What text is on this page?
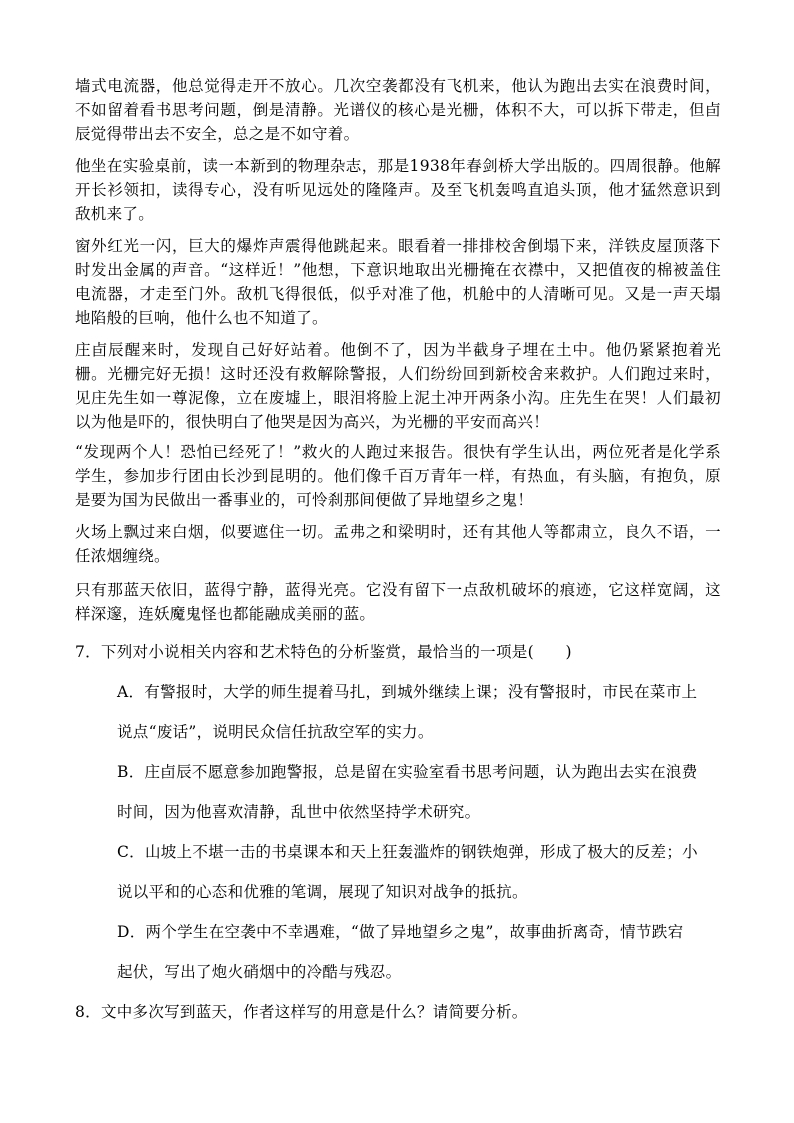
墙式电流器，他总觉得走开不放心。几次空袭都没有飞机来，他认为跑出去实在浪费时间，不如留着看书思考问题，倒是清静。光谱仪的核心是光栅，体积不大，可以拆下带走，但卣辰觉得带出去不安全，总之是不如守着。

他坐在实验桌前，读一本新到的物理杂志，那是1938年春剑桥大学出版的。四周很静。他解开长衫领扣，读得专心，没有听见远处的隆隆声。及至飞机轰鸣直追头顶，他才猛然意识到敌机来了。

窗外红光一闪，巨大的爆炸声震得他跳起来。眼看着一排排校舍倒塌下来，洋铁皮屋顶落下时发出金属的声音。“这样近！”他想，下意识地取出光栅掩在衣襟中，又把值夜的棉被盖住电流器，才走至门外。敌机飞得很低，似乎对准了他，机舱中的人清晰可见。又是一声天塌地陷般的巨响，他什么也不知道了。

庄卣辰醒来时，发现自己好好站着。他倒不了，因为半截身子埋在土中。他仍紧紧抱着光栅。光栅完好无损！这时还没有救解除警报，人们纷纷回到新校舍来救护。人们跑过来时，见庄先生如一尊泥像，立在废墟上，眼泪将脸上泥土冲开两条小沟。庄先生在哭！人们最初以为他是吓的，很快明白了他哭是因为高兴，为光栅的平安而高兴！

“发现两个人！恐怕已经死了！”救火的人跑过来报告。很快有学生认出，两位死者是化学系学生，参加步行团由长沙到昆明的。他们像千百万青年一样，有热血，有头脑，有抱负，原是要为国为民做出一番事业的，可怜刹那间便做了异地望乡之鬼！

火场上飘过来白烟，似要遮住一切。孟弗之和梁明时，还有其他人等都肃立，良久不语，一任浓烟缠绕。

只有那蓝天依旧，蓝得宁静，蓝得光亮。它没有留下一点敌机破坏的痕迹，它这样宽阔，这样深邃，连妖魔鬼怪也都能融成美丽的蓝。

7．下列对小说相关内容和艺术特色的分析鉴赏，最恰当的一项是(　　)

A．有警报时，大学的师生提着马扎，到城外继续上课；没有警报时，市民在菜市上

说点“废话”，说明民众信任抗敌空军的实力。

B．庄卣辰不愿意参加跑警报，总是留在实验室看书思考问题，认为跑出去实在浪费

时间，因为他喜欢清静，乱世中依然坚持学术研究。

C．山坡上不堪一击的书桌课本和天上狂轰滥炸的钢铁炮弹，形成了极大的反差；小

说以平和的心态和优雅的笔调，展现了知识对战争的抵抗。

D．两个学生在空袭中不幸遇难，“做了异地望乡之鬼”，故事曲折离奇，情节跌宕

起伏，写出了炮火硝烟中的冷酷与残忍。

8．文中多次写到蓝天，作者这样写的用意是什么？请简要分析。
